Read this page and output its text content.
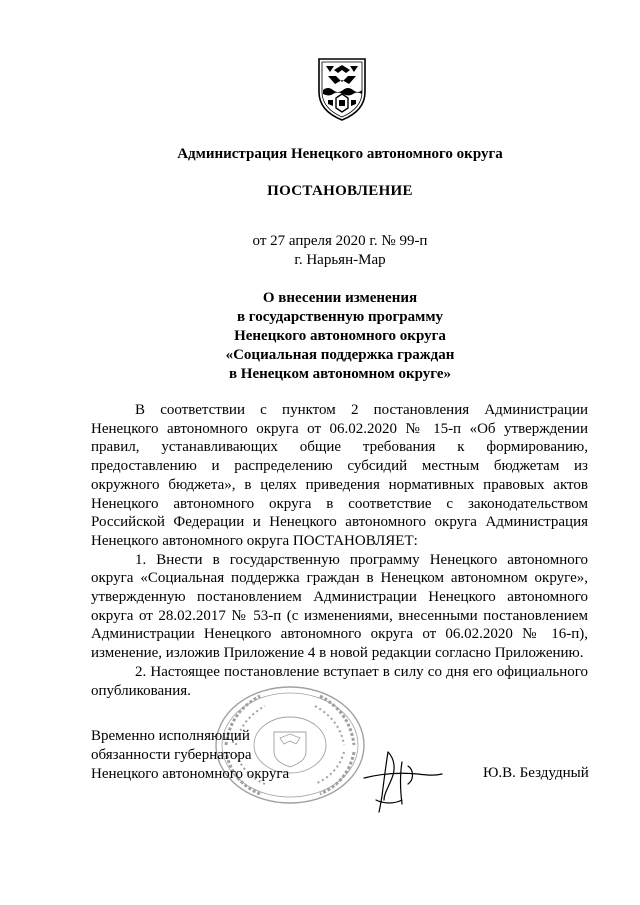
Администрация Ненецкого автономного округа
ПОСТАНОВЛЕНИЕ
от 27 апреля 2020 г. № 99-п
г. Нарьян-Мар
О внесении изменения
в государственную программу
Ненецкого автономного округа
«Социальная поддержка граждан
в Ненецком автономном округе»

В соответствии с пунктом 2 постановления Администрации Ненецкого автономного округа от 06.02.2020 № 15-п «Об утверждении правил, устанавливающих общие требования к формированию, предоставлению и распределению субсидий местным бюджетам из окружного бюджета», в целях приведения нормативных правовых актов Ненецкого автономного округа в соответствие с законодательством Российской Федерации и Ненецкого автономного округа Администрация Ненецкого автономного округа ПОСТАНОВЛЯЕТ:

1. Внести в государственную программу Ненецкого автономного округа «Социальная поддержка граждан в Ненецком автономном округе», утвержденную постановлением Администрации Ненецкого автономного округа от 28.02.2017 № 53-п (с изменениями, внесенными постановлением Администрации Ненецкого автономного округа от 06.02.2020 № 16-п), изменение, изложив Приложение 4 в новой редакции согласно Приложению.

2. Настоящее постановление вступает в силу со дня его официального опубликования.

Временно исполняющий
обязанности губернатора
Ненецкого автономного округа	Ю.В. Бездудный
